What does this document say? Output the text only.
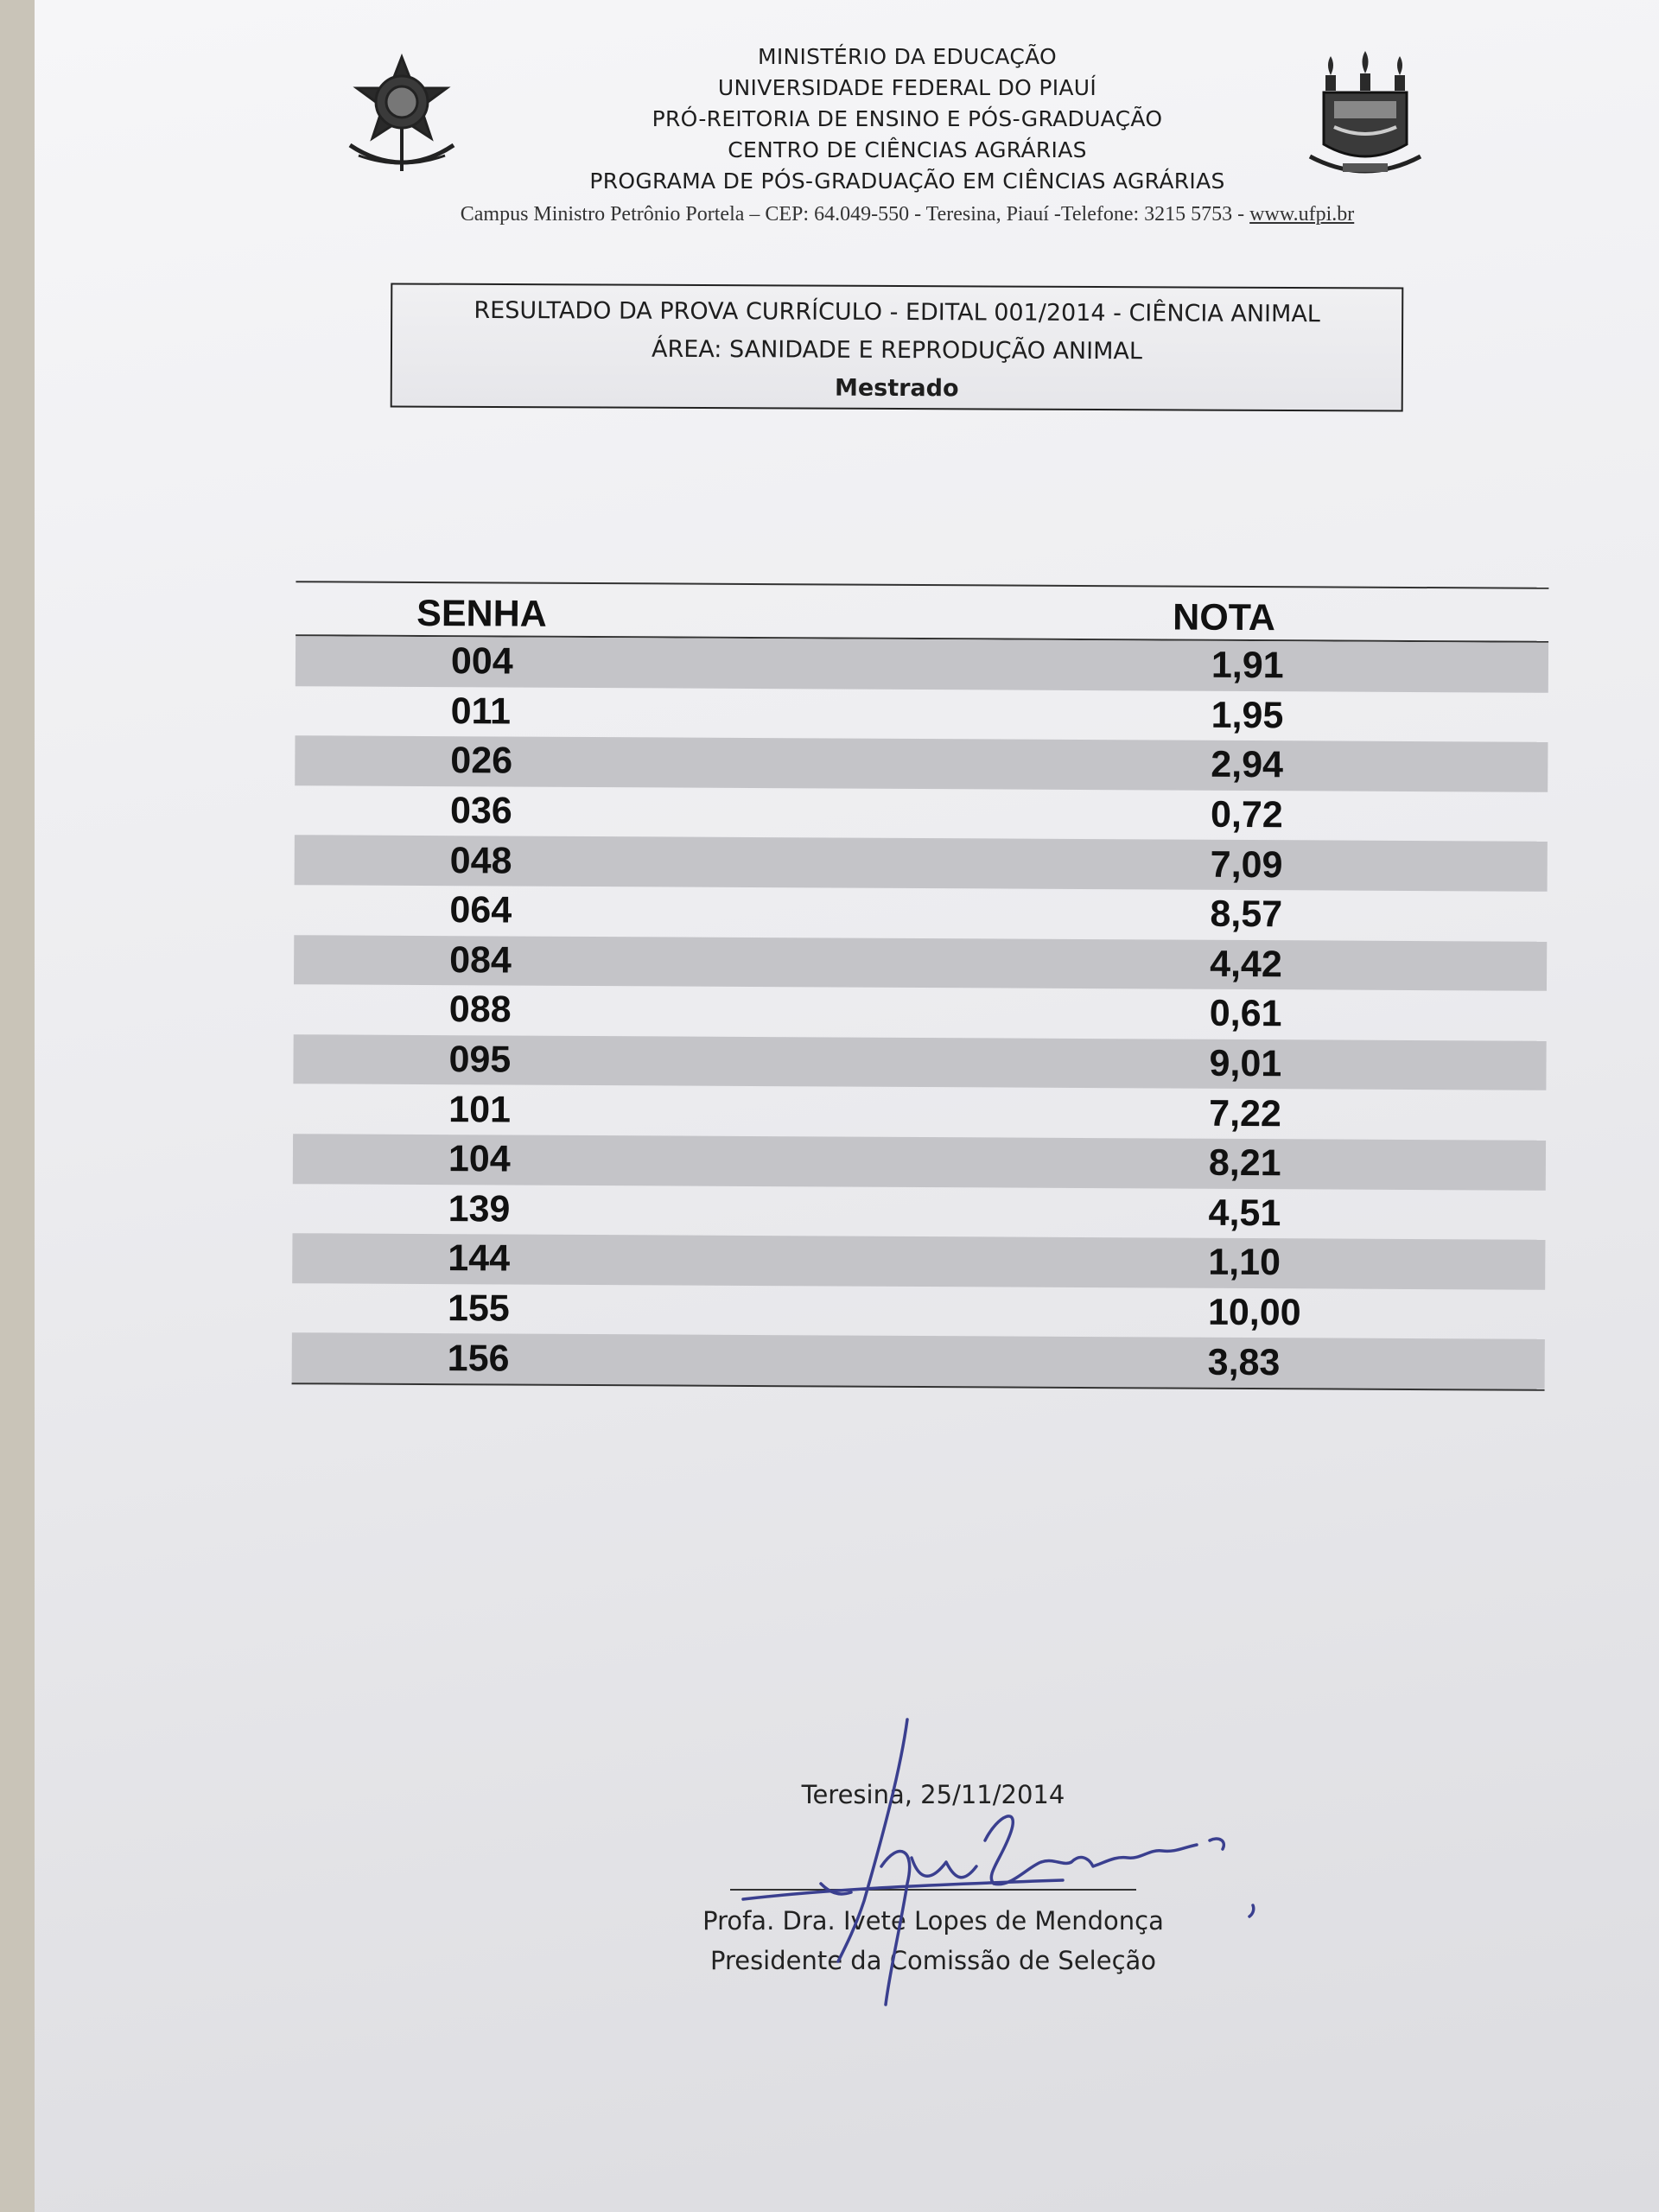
MINISTÉRIO DA EDUCAÇÃO
UNIVERSIDADE FEDERAL DO PIAUÍ
PRÓ-REITORIA DE ENSINO E PÓS-GRADUAÇÃO
CENTRO DE CIÊNCIAS AGRÁRIAS
PROGRAMA DE PÓS-GRADUAÇÃO EM CIÊNCIAS AGRÁRIAS
Campus Ministro Petrônio Portela – CEP: 64.049-550 - Teresina, Piauí -Telefone: 3215 5753 - www.ufpi.br
RESULTADO DA PROVA CURRÍCULO - EDITAL 001/2014 - CIÊNCIA ANIMAL
ÁREA: SANIDADE E REPRODUÇÃO ANIMAL
Mestrado
SENHA	NOTA
004	1,91
011	1,95
026	2,94
036	0,72
048	7,09
064	8,57
084	4,42
088	0,61
095	9,01
101	7,22
104	8,21
139	4,51
144	1,10
155	10,00
156	3,83
Teresina, 25/11/2014
Profa. Dra. Ivete Lopes de Mendonça
Presidente da Comissão de Seleção
